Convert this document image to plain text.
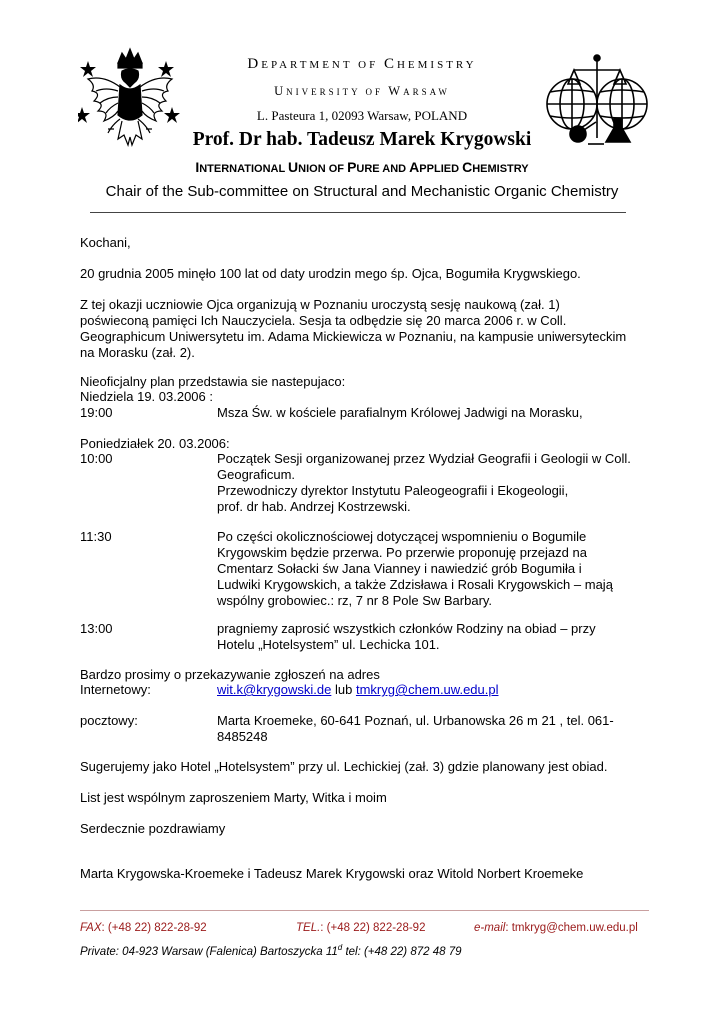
DEPARTMENT OF CHEMISTRY
UNIVERSITY OF WARSAW
L. Pasteura 1, 02093 Warsaw, POLAND
Prof. Dr hab. Tadeusz Marek Krygowski
INTERNATIONAL UNION OF PURE AND APPLIED CHEMISTRY
Chair of the Sub-committee on Structural and Mechanistic Organic Chemistry
Kochani,
20 grudnia 2005 minęło 100 lat od daty urodzin mego śp. Ojca, Bogumiła Krygwskiego.
Z tej okazji uczniowie Ojca organizują w Poznaniu uroczystą sesję naukową (zał. 1)
poświeconą pamięci Ich Nauczyciela. Sesja ta odbędzie się 20 marca 2006 r. w Coll.
Geographicum Uniwersytetu im. Adama Mickiewicza w Poznaniu, na kampusie uniwersyteckim
na Morasku (zał. 2).
Nieoficjalny plan przedstawia sie nastepujaco:
Niedziela 19. 03.2006 :
19:00	Msza Św. w kościele parafialnym Królowej Jadwigi na Morasku,
Poniedziałek 20. 03.2006:
10:00	Początek Sesji organizowanej przez Wydział Geografii i Geologii w Coll.
Geograficum.
Przewodniczy dyrektor Instytutu Paleogeografii i Ekogeologii,
prof. dr hab. Andrzej Kostrzewski.
11:30	Po części okolicznościowej dotyczącej wspomnieniu o Bogumile
Krygowskim będzie przerwa. Po przerwie proponuję przejazd na
Cmentarz Sołacki św Jana Vianney i nawiedzić grób Bogumiła i
Ludwiki Krygowskich, a także Zdzisława i Rosali Krygowskich – mają
wspólny grobowiec.: rz, 7 nr 8 Pole Sw Barbary.
13:00	pragniemy zaprosić wszystkich członków Rodziny na obiad – przy
Hotelu „Hotelsystem” ul. Lechicka 101.
Bardzo prosimy o przekazywanie zgłoszeń na adres
Internetowy:	wit.k@krygowski.de lub tmkryg@chem.uw.edu.pl
pocztowy:	Marta Kroemeke, 60-641 Poznań, ul. Urbanowska 26 m 21 , tel. 061-
8485248
Sugerujemy jako Hotel „Hotelsystem” przy ul. Lechickiej (zał. 3) gdzie planowany jest obiad.
List jest wspólnym zaproszeniem Marty, Witka i moim
Serdecznie pozdrawiamy
Marta Krygowska-Kroemeke i Tadeusz Marek Krygowski oraz Witold Norbert Kroemeke
FAX: (+48 22) 822-28-92	TEL.: (+48 22) 822-28-92	e-mail: tmkryg@chem.uw.edu.pl
Private: 04-923 Warsaw (Falenica) Bartoszycka 11$^d$ tel: (+48 22) 872 48 79
